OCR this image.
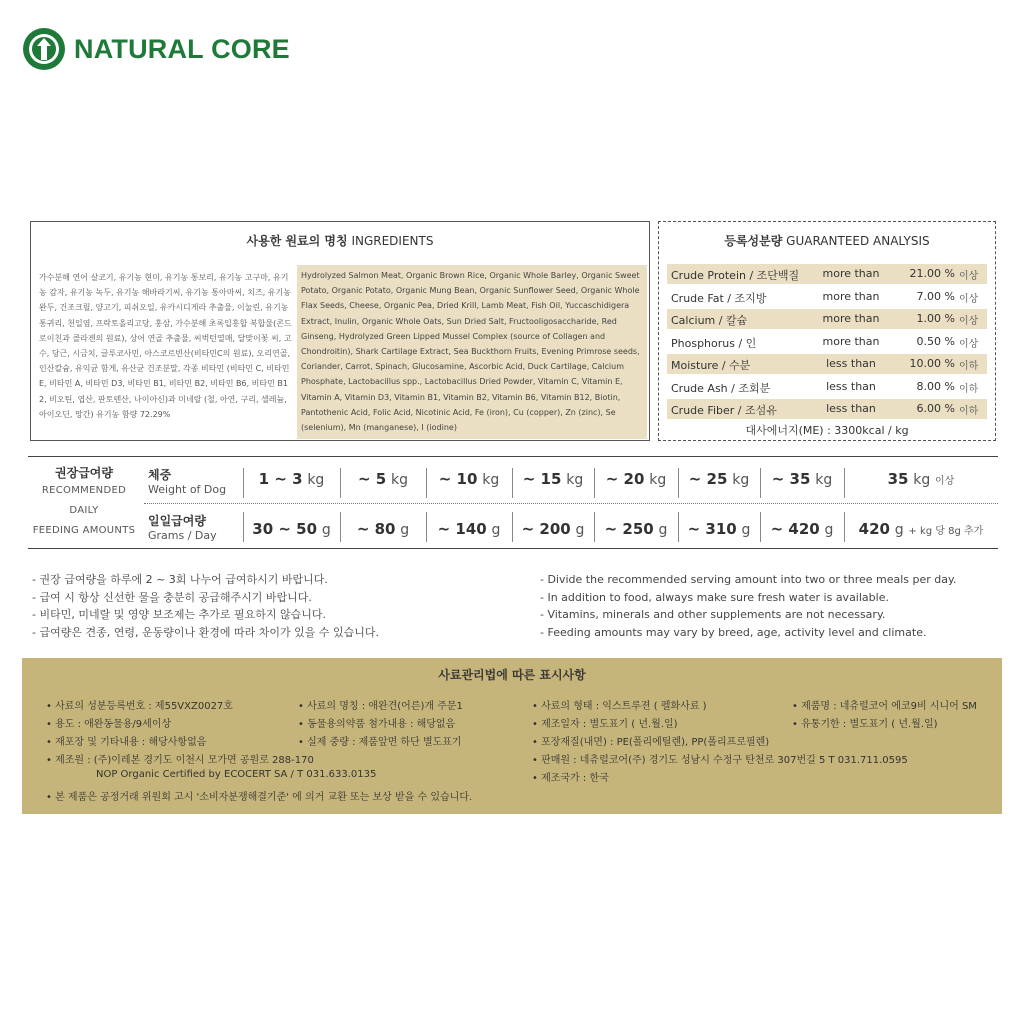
NATURAL CORE
사용한 원료의 명칭 INGREDIENTS
가수분해 연어 살코기, 유기농 현미, 유기농 통보리, 유기농 고구마, 유기농 감자, 유기농 녹두, 유기농 해바라기씨, 유기농 통아마씨, 치즈, 유기농 완두, 건조크릴, 양고기, 피쉬오일, 유카시디게라 추출물, 이눌린, 유기농 통귀리, 천일염, 프락토올리고당, 홍삼, 가수분해 초록입홍합 복합물(콘드로이친과 콜라겐의 원료), 상어 연골 추출물, 씨벅턴열매, 달맞이꽃 씨, 고수, 당근, 시금치, 글루코사민, 아스코르빈산(비타민C의 원료), 오리연골, 인산칼슘, 유익균 함게, 유산균 건조분말, 각종 비타민 (비타민 C, 비타민 E, 비타민 A, 비타민 D3, 비타민 B1, 비타민 B2, 비타민 B6, 비타민 B12, 비오틴, 엽산, 판토텐산, 나이아신)과 미네랄 (철, 아연, 구리, 셀레늄, 아이오딘, 망간) 유기농 함량 72.29%
Hydrolyzed Salmon Meat, Organic Brown Rice, Organic Whole Barley, Organic Sweet Potato, Organic Potato, Organic Mung Bean, Organic Sunflower Seed, Organic Whole Flax Seeds, Cheese, Organic Pea, Dried Krill, Lamb Meat, Fish Oil, Yuccaschidigera Extract, Inulin, Organic Whole Oats, Sun Dried Salt, Fructooligosaccharide, Red Ginseng, Hydrolyzed Green Lipped Mussel Complex (source of Collagen and Chondroitin), Shark Cartilage Extract, Sea Buckthorn Fruits, Evening Primrose seeds, Coriander, Carrot, Spinach, Glucosamine, Ascorbic Acid, Duck Cartilage, Calcium Phosphate, Lactobacillus spp., Lactobacillus Dried Powder, Vitamin C, Vitamin E, Vitamin A, Vitamin D3, Vitamin B1, Vitamin B2, Vitamin B6, Vitamin B12, Biotin, Pantothenic Acid, Folic Acid, Nicotinic Acid, Fe (iron), Cu (copper), Zn (zinc), Se (selenium), Mn (manganese), I (iodine)
등록성분량 GUARANTEED ANALYSIS
Crude Protein / 조단백질 more than	21.00 % 이상
Crude Fat / 조지방	more than	7.00 % 이상
Calcium / 칼슘	more than	1.00 % 이상
Phosphorus / 인	more than	0.50 % 이상
Moisture / 수분	less than	10.00 % 이하
Crude Ash / 조회분	less than	8.00 % 이하
Crude Fiber / 조섬유	less than	6.00 % 이하
대사에너지(ME) : 3300kcal / kg
권장급여량
RECOMMENDED
DAILY
FEEDING AMOUNTS
체중
Weight of Dog
일일급여량
Grams / Day
1 ~ 3 kg	~ 5 kg	~ 10 kg	~ 15 kg	~ 20 kg	~ 25 kg	~ 35 kg	35 kg 이상
30 ~ 50 g	~ 80 g	~ 140 g	~ 200 g	~ 250 g	~ 310 g	~ 420 g	420 g + kg 당 8g 추가
- 권장 급여량을 하루에 2 ~ 3회 나누어 급여하시기 바랍니다.
- 급여 시 항상 신선한 물을 충분히 공급해주시기 바랍니다.
- 비타민, 미네랄 및 영양 보조제는 추가로 필요하지 않습니다.
- 급여량은 견종, 연령, 운동량이나 환경에 따라 차이가 있을 수 있습니다.
- Divide the recommended serving amount into two or three meals per day.
- In addition to food, always make sure fresh water is available.
- Vitamins, minerals and other supplements are not necessary.
- Feeding amounts may vary by breed, age, activity level and climate.
사료관리법에 따른 표시사항
• 사료의 성분등록번호 : 제55VXZ0027호	• 사료의 명칭 : 애완견(어른)개 주문1	• 사료의 형태 : 익스트루젼 ( 펠화사료 )	• 제품명 : 네츄럴코어 에코9비 시니어 SM
• 용도 : 애완동물용/9세이상	• 동물용의약품 첨가내용 : 해당없음	• 제조일자 : 별도표기 ( 년.월.일)	• 유통기한 : 별도표기 ( 년.월.일)
• 재포장 및 기타내용 : 해당사항없음	• 실제 중량 : 제품앞면 하단 별도표기	• 포장재질(내면) : PE(폴리에틸렌), PP(폴리프로필렌)
• 제조원 : (주)이레본 경기도 이천시 모가면 공원로 288-170	• 판매원 : 네츄럴코어(주) 경기도 성남시 수정구 탄천로 307번길 5 T 031.711.0595
NOP Organic Certified by ECOCERT SA / T 031.633.0135	• 제조국가 : 한국
• 본 제품은 공정거래 위원회 고시 '소비자분쟁해결기준' 에 의거 교환 또는 보상 받을 수 있습니다.
